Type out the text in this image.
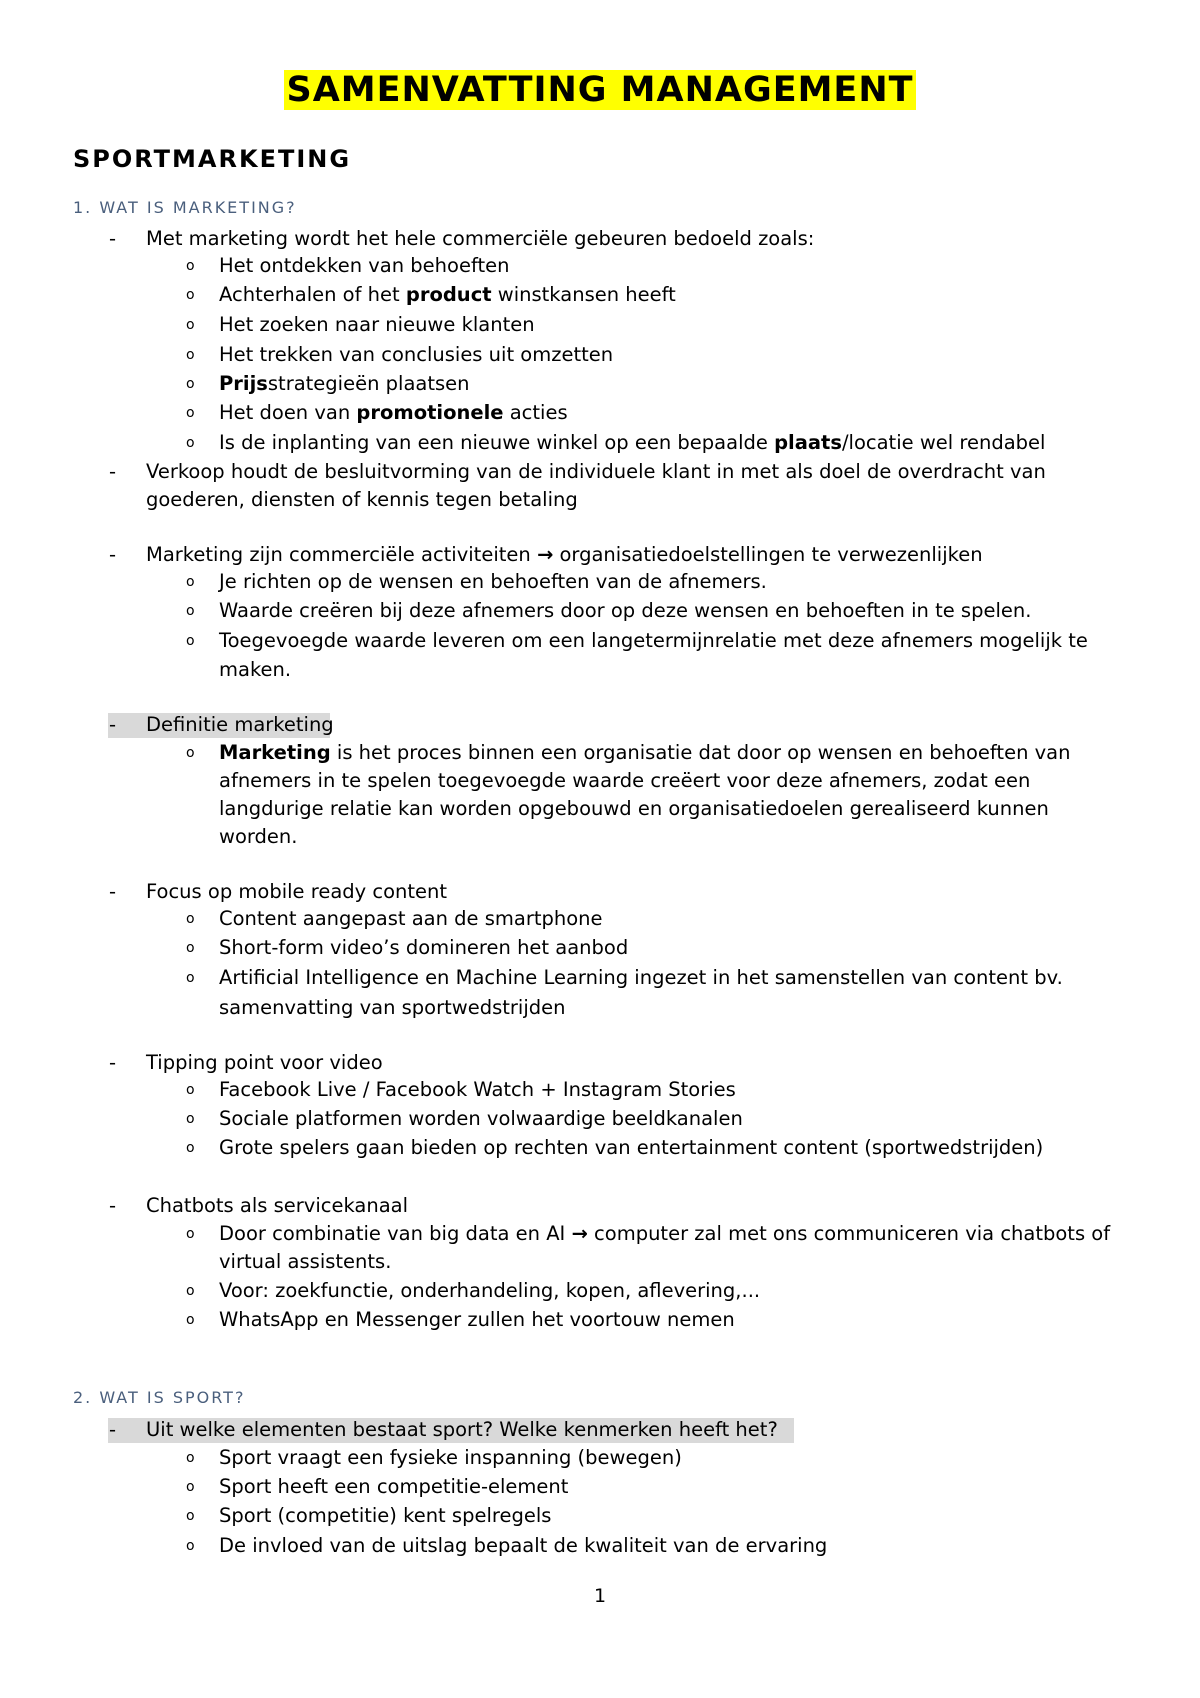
SAMENVATTING MANAGEMENT
SPORTMARKETING
1. WAT IS MARKETING?
- Met marketing wordt het hele commerciële gebeuren bedoeld zoals:
o Het ontdekken van behoeften
o Achterhalen of het product winstkansen heeft
o Het zoeken naar nieuwe klanten
o Het trekken van conclusies uit omzetten
o Prijsstrategieën plaatsen
o Het doen van promotionele acties
o Is de inplanting van een nieuwe winkel op een bepaalde plaats/locatie wel rendabel
- Verkoop houdt de besluitvorming van de individuele klant in met als doel de overdracht van
goederen, diensten of kennis tegen betaling
- Marketing zijn commerciële activiteiten → organisatiedoelstellingen te verwezenlijken
o Je richten op de wensen en behoeften van de afnemers.
o Waarde creëren bij deze afnemers door op deze wensen en behoeften in te spelen.
o Toegevoegde waarde leveren om een langetermijnrelatie met deze afnemers mogelijk te
maken.
- Definitie marketing
o Marketing is het proces binnen een organisatie dat door op wensen en behoeften van
afnemers in te spelen toegevoegde waarde creëert voor deze afnemers, zodat een
langdurige relatie kan worden opgebouwd en organisatiedoelen gerealiseerd kunnen
worden.
- Focus op mobile ready content
o Content aangepast aan de smartphone
o Short-form video’s domineren het aanbod
o Artificial Intelligence en Machine Learning ingezet in het samenstellen van content bv.
samenvatting van sportwedstrijden
- Tipping point voor video
o Facebook Live / Facebook Watch + Instagram Stories
o Sociale platformen worden volwaardige beeldkanalen
o Grote spelers gaan bieden op rechten van entertainment content (sportwedstrijden)
- Chatbots als servicekanaal
o Door combinatie van big data en AI → computer zal met ons communiceren via chatbots of
virtual assistents.
o Voor: zoekfunctie, onderhandeling, kopen, aflevering,...
o WhatsApp en Messenger zullen het voortouw nemen
2. WAT IS SPORT?
- Uit welke elementen bestaat sport? Welke kenmerken heeft het?
o Sport vraagt een fysieke inspanning (bewegen)
o Sport heeft een competitie-element
o Sport (competitie) kent spelregels
o De invloed van de uitslag bepaalt de kwaliteit van de ervaring
1
